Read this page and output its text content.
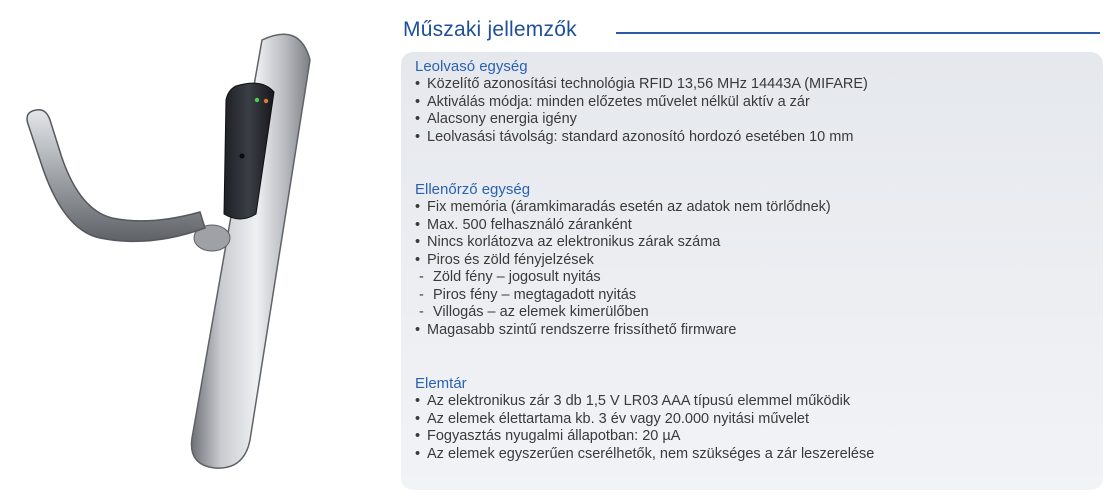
Műszaki jellemzők
Leolvasó egység
• Közelítő azonosítási technológia RFID 13,56 MHz 14443A (MIFARE)
• Aktiválás módja: minden előzetes művelet nélkül aktív a zár
• Alacsony energia igény
• Leolvasási távolság: standard azonosító hordozó esetében 10 mm
Ellenőrző egység
• Fix memória (áramkimaradás esetén az adatok nem törlődnek)
• Max. 500 felhasználó záranként
• Nincs korlátozva az elektronikus zárak száma
• Piros és zöld fényjelzések
- Zöld fény – jogosult nyitás
- Piros fény – megtagadott nyitás
- Villogás – az elemek kimerülőben
• Magasabb szintű rendszerre frissíthető firmware
Elemtár
• Az elektronikus zár 3 db 1,5 V LR03 AAA típusú elemmel működik
• Az elemek élettartama kb. 3 év vagy 20.000 nyitási művelet
• Fogyasztás nyugalmi állapotban: 20 µA
• Az elemek egyszerűen cserélhetők, nem szükséges a zár leszerelése
